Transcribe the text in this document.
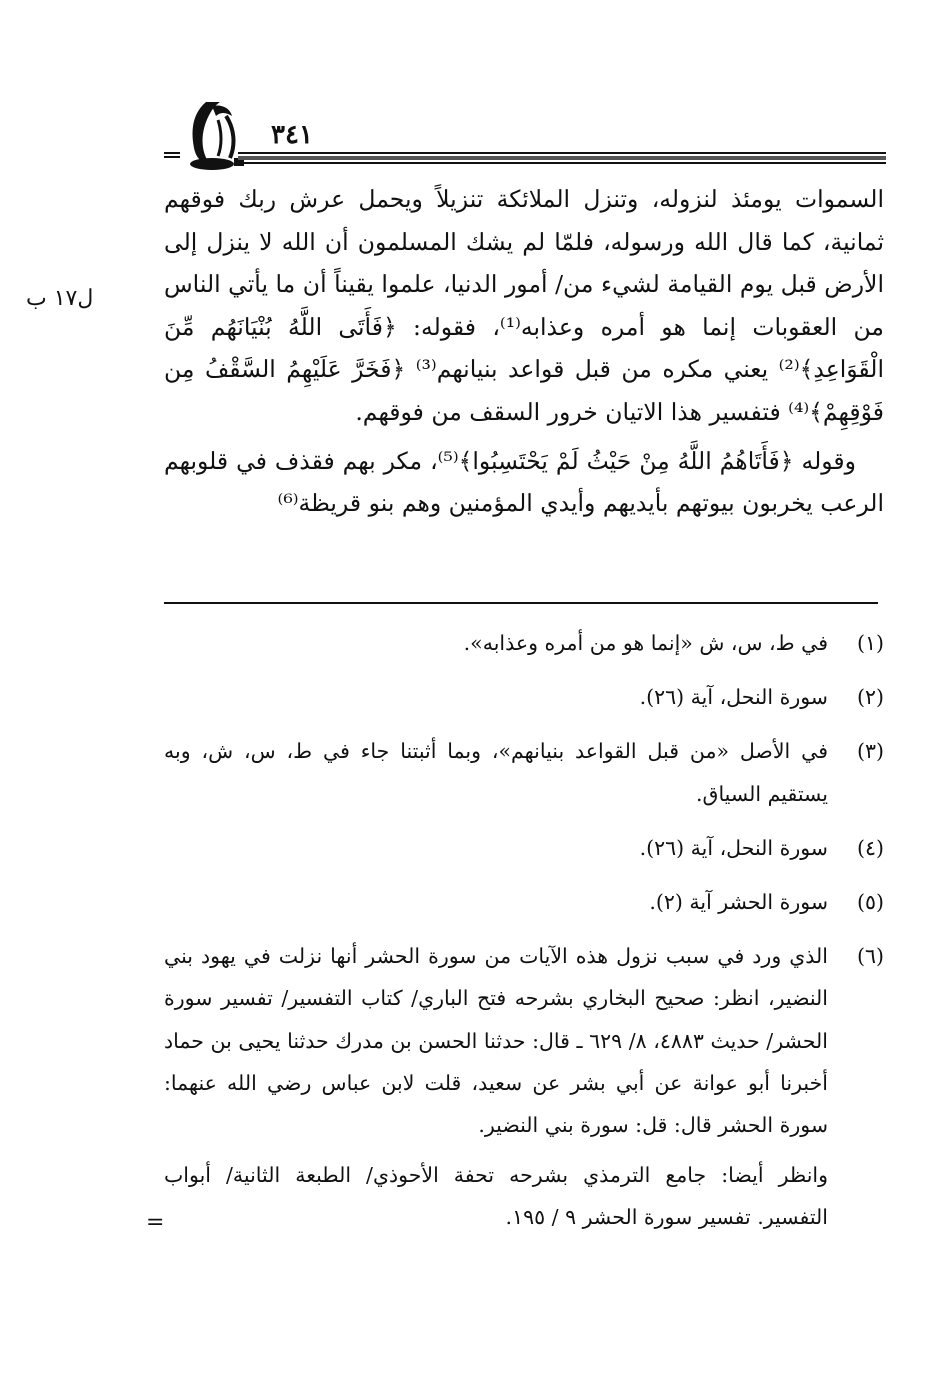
٣٤١
ل١٧ ب

السموات يومئذ لنزوله، وتنزل الملائكة تنزيلاً ويحمل عرش ربك فوقهم ثمانية، كما قال الله ورسوله، فلمّا لم يشك المسلمون أن الله لا ينزل إلى الأرض قبل يوم القيامة لشيء من/ أمور الدنيا، علموا يقيناً أن ما يأتي الناس من العقوبات إنما هو أمره وعذابه⁽¹⁾، فقوله: ﴿فَأَتَى اللَّهُ بُنْيَانَهُم مِّنَ الْقَوَاعِدِ﴾⁽²⁾ يعني مكره من قبل قواعد بنيانهم⁽³⁾ ﴿فَخَرَّ عَلَيْهِمُ السَّقْفُ مِن فَوْقِهِمْ﴾⁽⁴⁾ فتفسير هذا الاتيان خرور السقف من فوقهم.

وقوله ﴿فَأَتَاهُمُ اللَّهُ مِنْ حَيْثُ لَمْ يَحْتَسِبُوا﴾⁽⁵⁾، مكر بهم فقذف في قلوبهم الرعب يخربون بيوتهم بأيديهم وأيدي المؤمنين وهم بنو قريظة⁽⁶⁾

(١)
في ط، س، ش «إنما هو من أمره وعذابه».
(٢)
سورة النحل، آية (٢٦).
(٣)
في الأصل «من قبل القواعد بنيانهم»، وبما أثبتنا جاء في ط، س، ش، وبه يستقيم السياق.
(٤)
سورة النحل، آية (٢٦).
(٥)
سورة الحشر آية (٢).
(٦)
الذي ورد في سبب نزول هذه الآيات من سورة الحشر أنها نزلت في يهود بني النضير، انظر: صحيح البخاري بشرحه فتح الباري/ كتاب التفسير/ تفسير سورة الحشر/ حديث ٤٨٨٣، ٨/ ٦٢٩ ـ قال: حدثنا الحسن بن مدرك حدثنا يحيى بن حماد أخبرنا أبو عوانة عن أبي بشر عن سعيد، قلت لابن عباس رضي الله عنهما: سورة الحشر قال: قل: سورة بني النضير.

وانظر أيضا: جامع الترمذي بشرحه تحفة الأحوذي/ الطبعة الثانية/ أبواب التفسير. تفسير سورة الحشر ٩ / ١٩٥.

=
